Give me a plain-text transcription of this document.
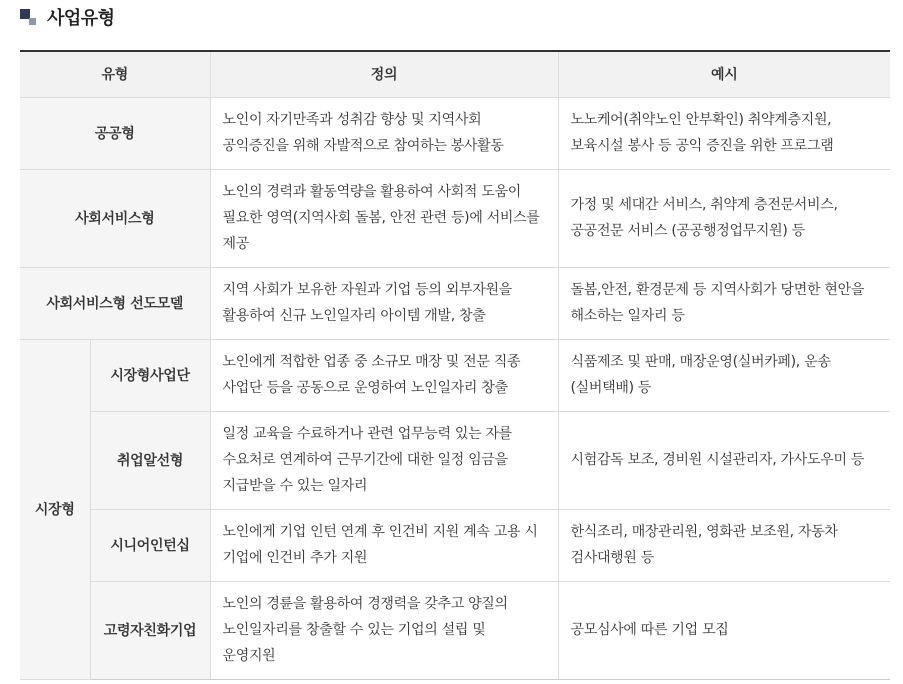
사업유형
유형		정의	예시
공공형		노인이 자기만족과 성취감 향상 및 지역사회
공익증진을 위해 자발적으로 참여하는 봉사활동	노노케어(취약노인 안부확인) 취약계층지원,
보육시설 봉사 등 공익 증진을 위한 프로그램
사회서비스형		노인의 경력과 활동역량을 활용하여 사회적 도움이
필요한 영역(지역사회 돌봄, 안전 관련 등)에 서비스를
제공	가정 및 세대간 서비스, 취약계 층전문서비스,
공공전문 서비스 (공공행정업무지원) 등
사회서비스형 선도모델		지역 사회가 보유한 자원과 기업 등의 외부자원을
활용하여 신규 노인일자리 아이템 개발, 창출	돌봄,안전, 환경문제 등 지역사회가 당면한 현안을
해소하는 일자리 등
시장형	시장형사업단	노인에게 적합한 업종 중 소규모 매장 및 전문 직종
사업단 등을 공동으로 운영하여 노인일자리 창출	식품제조 및 판매, 매장운영(실버카페), 운송
(실버택배) 등
	취업알선형	일정 교육을 수료하거나 관련 업무능력 있는 자를
수요처로 연계하여 근무기간에 대한 일정 임금을
지급받을 수 있는 일자리	시험감독 보조, 경비원 시설관리자, 가사도우미 등
	시니어인턴십	노인에게 기업 인턴 연계 후 인건비 지원 계속 고용 시
기업에 인건비 추가 지원	한식조리, 매장관리원, 영화관 보조원, 자동차
검사대행원 등
	고령자친화기업	노인의 경륜을 활용하여 경쟁력을 갖추고 양질의
노인일자리를 창출할 수 있는 기업의 설립 및
운영지원	공모심사에 따른 기업 모집
